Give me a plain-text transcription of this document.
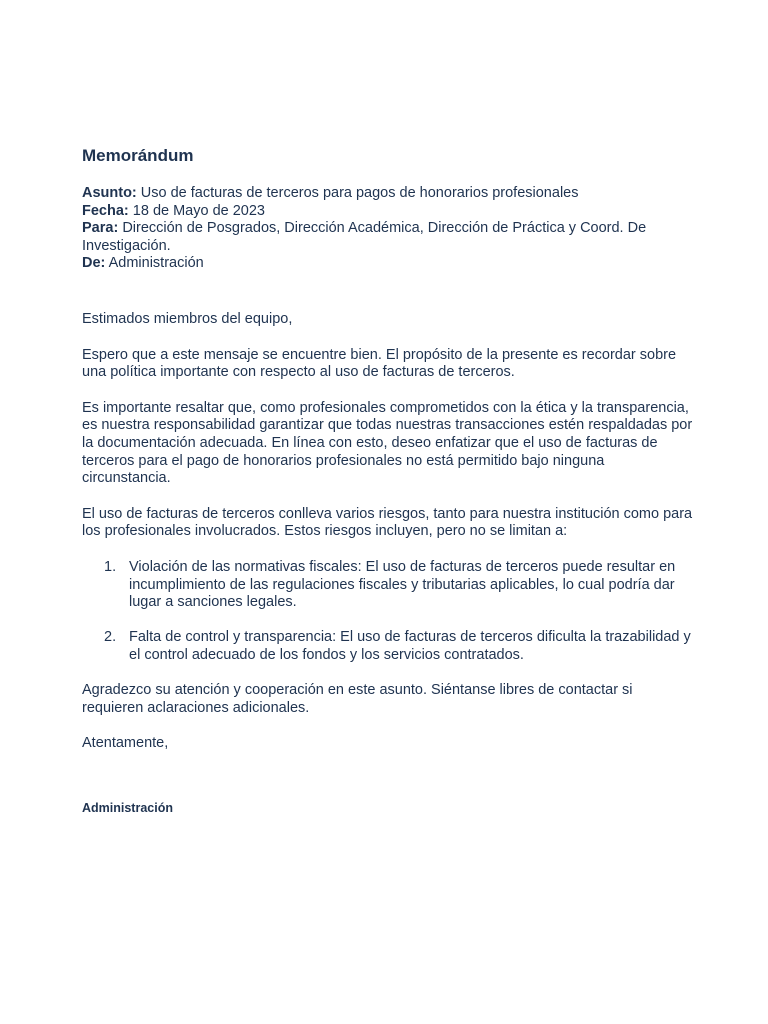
Memorándum
Asunto: Uso de facturas de terceros para pagos de honorarios profesionales
Fecha: 18 de Mayo de 2023
Para: Dirección de Posgrados, Dirección Académica, Dirección de Práctica y Coord. De Investigación.
De: Administración

Estimados miembros del equipo,

Espero que a este mensaje se encuentre bien. El propósito de la presente es recordar sobre una política importante con respecto al uso de facturas de terceros.

Es importante resaltar que, como profesionales comprometidos con la ética y la transparencia, es nuestra responsabilidad garantizar que todas nuestras transacciones estén respaldadas por la documentación adecuada. En línea con esto, deseo enfatizar que el uso de facturas de terceros para el pago de honorarios profesionales no está permitido bajo ninguna circunstancia.

El uso de facturas de terceros conlleva varios riesgos, tanto para nuestra institución como para los profesionales involucrados. Estos riesgos incluyen, pero no se limitan a:

1. Violación de las normativas fiscales: El uso de facturas de terceros puede resultar en incumplimiento de las regulaciones fiscales y tributarias aplicables, lo cual podría dar lugar a sanciones legales.
2. Falta de control y transparencia: El uso de facturas de terceros dificulta la trazabilidad y el control adecuado de los fondos y los servicios contratados.

Agradezco su atención y cooperación en este asunto. Siéntanse libres de contactar si requieren aclaraciones adicionales.

Atentamente,

Administración
